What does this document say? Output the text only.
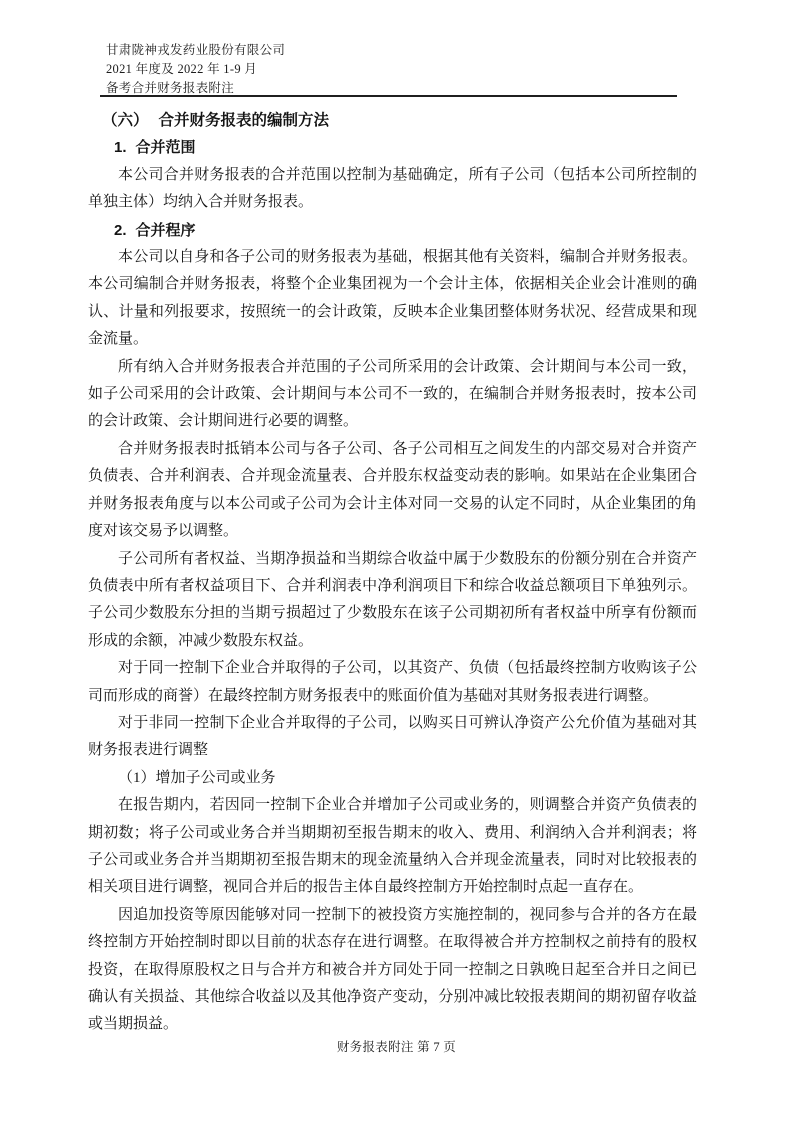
甘肃陇神戎发药业股份有限公司
2021 年度及 2022 年 1-9 月
备考合并财务报表附注
（六） 合并财务报表的编制方法
1. 合并范围

本公司合并财务报表的合并范围以控制为基础确定，所有子公司（包括本公司所控制的单独主体）均纳入合并财务报表。

2. 合并程序

本公司以自身和各子公司的财务报表为基础，根据其他有关资料，编制合并财务报表。本公司编制合并财务报表，将整个企业集团视为一个会计主体，依据相关企业会计准则的确认、计量和列报要求，按照统一的会计政策，反映本企业集团整体财务状况、经营成果和现金流量。

所有纳入合并财务报表合并范围的子公司所采用的会计政策、会计期间与本公司一致，如子公司采用的会计政策、会计期间与本公司不一致的，在编制合并财务报表时，按本公司的会计政策、会计期间进行必要的调整。

合并财务报表时抵销本公司与各子公司、各子公司相互之间发生的内部交易对合并资产负债表、合并利润表、合并现金流量表、合并股东权益变动表的影响。如果站在企业集团合并财务报表角度与以本公司或子公司为会计主体对同一交易的认定不同时，从企业集团的角度对该交易予以调整。

子公司所有者权益、当期净损益和当期综合收益中属于少数股东的份额分别在合并资产负债表中所有者权益项目下、合并利润表中净利润项目下和综合收益总额项目下单独列示。子公司少数股东分担的当期亏损超过了少数股东在该子公司期初所有者权益中所享有份额而形成的余额，冲减少数股东权益。

对于同一控制下企业合并取得的子公司，以其资产、负债（包括最终控制方收购该子公司而形成的商誉）在最终控制方财务报表中的账面价值为基础对其财务报表进行调整。

对于非同一控制下企业合并取得的子公司，以购买日可辨认净资产公允价值为基础对其财务报表进行调整

（1）增加子公司或业务

在报告期内，若因同一控制下企业合并增加子公司或业务的，则调整合并资产负债表的期初数；将子公司或业务合并当期期初至报告期末的收入、费用、利润纳入合并利润表；将子公司或业务合并当期期初至报告期末的现金流量纳入合并现金流量表，同时对比较报表的相关项目进行调整，视同合并后的报告主体自最终控制方开始控制时点起一直存在。

因追加投资等原因能够对同一控制下的被投资方实施控制的，视同参与合并的各方在最终控制方开始控制时即以目前的状态存在进行调整。在取得被合并方控制权之前持有的股权投资，在取得原股权之日与合并方和被合并方同处于同一控制之日孰晚日起至合并日之间已确认有关损益、其他综合收益以及其他净资产变动，分别冲减比较报表期间的期初留存收益或当期损益。

财务报表附注 第 7 页
